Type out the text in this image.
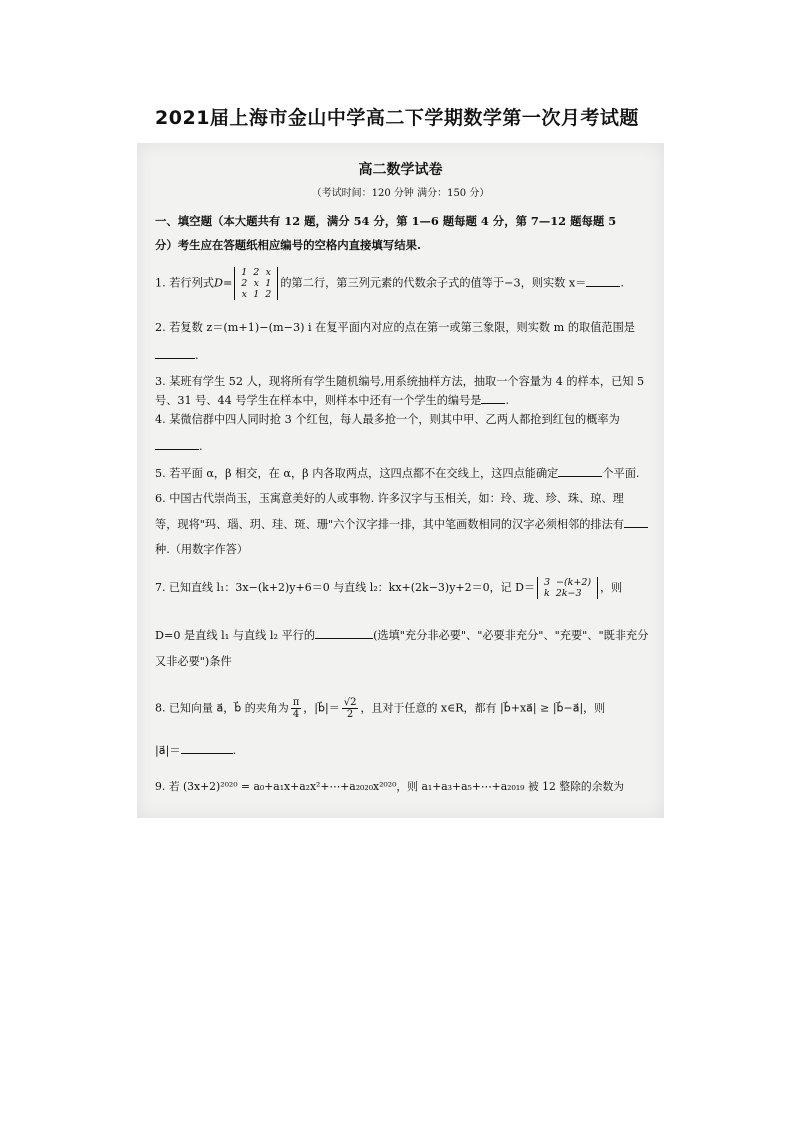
2021届上海市金山中学高二下学期数学第一次月考试题
高二数学试卷
（考试时间：120 分钟 满分：150 分）
一、填空题（本大题共有 12 题，满分 54 分，第 1—6 题每题 4 分，第 7—12 题每题 5
分）考生应在答题纸相应编号的空格内直接填写结果.
1. 若行列式D=
1 2 x
2 x 1
x 1 2
的第二行，第三列元素的代数余子式的值等于−3，则实数 x＝	.
2. 若复数 z＝(m+1)−(m−3) i 在复平面内对应的点在第一或第三象限，则实数 m 的取值范围是
.
3. 某班有学生 52 人，现将所有学生随机编号,用系统抽样方法，抽取一个容量为 4 的样本，已知 5
号、31 号、44 号学生在样本中，则样本中还有一个学生的编号是 .
4. 某微信群中四人同时抢 3 个红包，每人最多抢一个，则其中甲、乙两人都抢到红包的概率为
.
5. 若平面 α，β 相交，在 α，β 内各取两点，这四点都不在交线上，这四点能确定	个平面.
6. 中国古代崇尚玉，玉寓意美好的人或事物. 许多汉字与玉相关，如：玲、珑、珍、珠、琼、理
等，现将"玛、瑙、玥、珪、斑、珊"六个汉字排一排，其中笔画数相同的汉字必须相邻的排法有
种.（用数字作答）
7. 已知直线 l₁：3x−(k+2)y+6＝0 与直线 l₂：kx+(2k−3)y+2＝0，记 D＝ 3 −(k+2)
k 2k−3	，则
D=0 是直线 l₁ 与直线 l₂ 平行的	(选填"充分非必要"、"必要非充分"、"充要"、"既非充分
又非必要")条件
8. 已知向量 a⃗，b⃗ 的夹角为 $\frac{\pi}{4}$ ，|b⃗|＝ $\frac{√2}{2}$ ，且对于任意的 x∈R，都有 |b⃗+xa⃗| ≥ |b⃗−a⃗|，则
|a⃗|＝	.
9. 若 (3x+2)²⁰²⁰ = a₀+a₁x+a₂x²+⋯+a₂₀₂₀x²⁰²⁰，则 a₁+a₃+a₅+⋯+a₂₀₁₉ 被 12 整除的余数为
